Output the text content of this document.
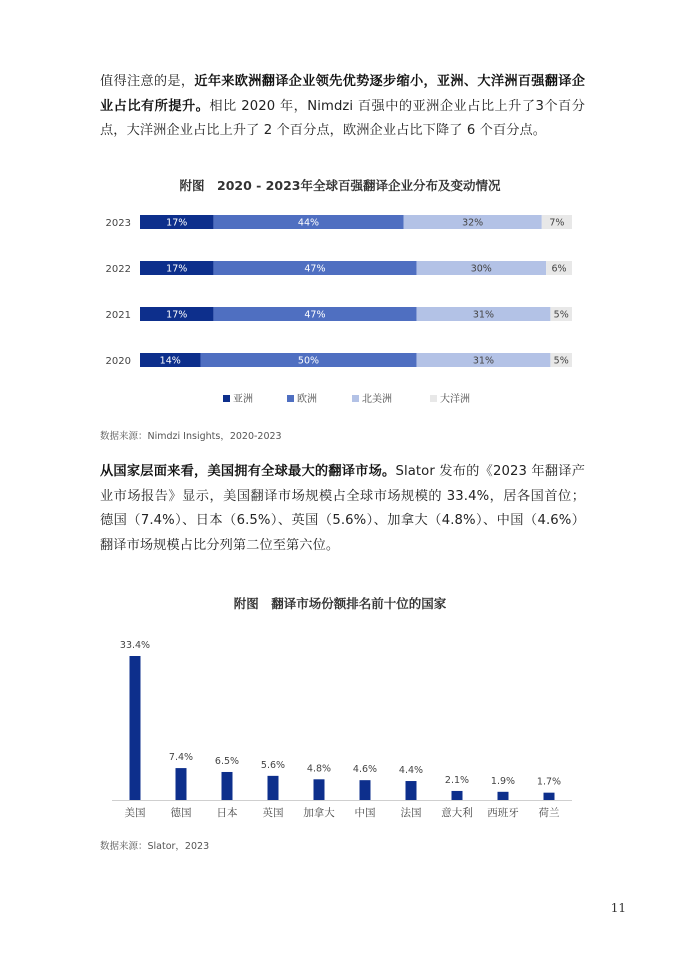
值得注意的是，近年来欧洲翻译企业领先优势逐步缩小，亚洲、大洋洲百强翻译企业占比有所提升。相比 2020 年，Nimdzi 百强中的亚洲企业占比上升了3个百分点，大洋洲企业占比上升了 2 个百分点，欧洲企业占比下降了 6 个百分点。

附图　2020 - 2023年全球百强翻译企业分布及变动情况

2023	17%	44%	32%	7%
2022	17%	47%	30%	6%
2021	17%	47%	31%	5%
2020	14%	50%	31%	5%
亚洲	欧洲	北美洲	大洋洲

数据来源：Nimdzi Insights，2020-2023

从国家层面来看，美国拥有全球最大的翻译市场。Slator 发布的《2023 年翻译产业市场报告》显示，美国翻译市场规模占全球市场规模的 33.4%，居各国首位；德国（7.4%）、日本（6.5%）、英国（5.6%）、加拿大（4.8%）、中国（4.6%）翻译市场规模占比分列第二位至第六位。

附图　翻译市场份额排名前十位的国家

33.4%
美国
7.4%
德国
6.5%
日本
5.6%
英国
4.8%
加拿大
4.6%
中国
4.4%
法国
2.1%
意大利
1.9%
西班牙
1.7%
荷兰

数据来源：Slator，2023

11
